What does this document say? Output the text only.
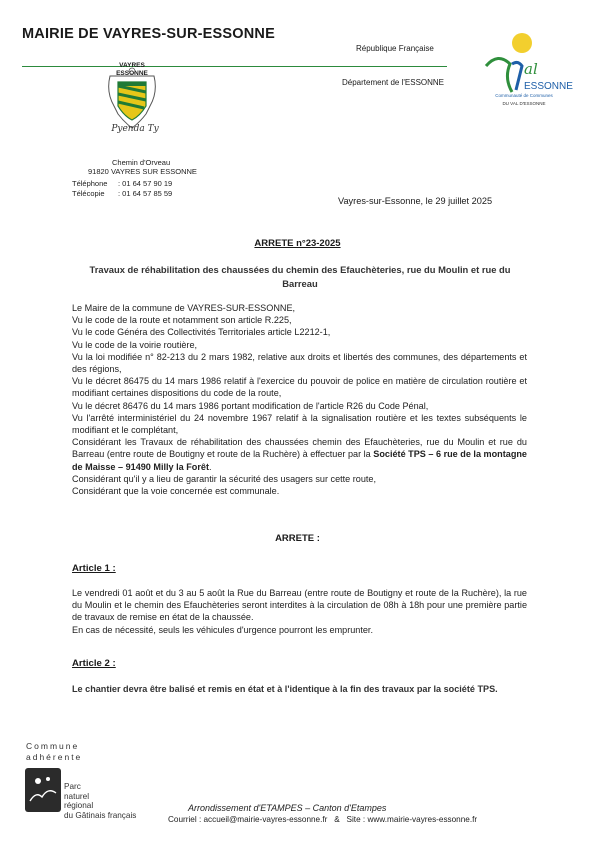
MAIRIE DE VAYRES-SUR-ESSONNE
VAYRES
ESSONNE
Pyenda Ty
Chemin d'Orveau
91820 VAYRES SUR ESSONNE
Téléphone : 01 64 57 90 19
Télécopie : 01 64 57 85 59
République Française
Département de l'ESSONNE
al
ESSONNE
Communauté de Communes
DU VAL D'ESSONNE
Vayres-sur-Essonne, le 29 juillet 2025
ARRETE n°23-2025
Travaux de réhabilitation des chaussées du chemin des Efauchèteries, rue du Moulin et rue du Barreau
Le Maire de la commune de VAYRES-SUR-ESSONNE,
Vu le code de la route et notamment son article R.225,
Vu le code Généra des Collectivités Territoriales article L2212-1,
Vu le code de la voirie routière,
Vu la loi modifiée n° 82-213 du 2 mars 1982, relative aux droits et libertés des communes, des départements et des régions,
Vu le décret 86475 du 14 mars 1986 relatif à l'exercice du pouvoir de police en matière de circulation routière et modifiant certaines dispositions du code de la route,
Vu le décret 86476 du 14 mars 1986 portant modification de l'article R26 du Code Pénal,
Vu l'arrêté interministériel du 24 novembre 1967 relatif à la signalisation routière et les textes subséquents le modifiant et le complétant,
Considérant les Travaux de réhabilitation des chaussées chemin des Efauchèteries, rue du Moulin et rue du Barreau (entre route de Boutigny et route de la Ruchère) à effectuer par la Société TPS – 6 rue de la montagne de Maisse – 91490 Milly la Forêt.
Considérant qu'il y a lieu de garantir la sécurité des usagers sur cette route,
Considérant que la voie concernée est communale.
ARRETE :
Article 1 :
Le vendredi 01 août et du 3 au 5 août la Rue du Barreau (entre route de Boutigny et route de la Ruchère), la rue du Moulin et le chemin des Efauchèteries seront interdites à la circulation de 08h à 18h pour une première partie de travaux de remise en état de la chaussée.
En cas de nécessité, seuls les véhicules d'urgence pourront les emprunter.
Article 2 :
Le chantier devra être balisé et remis en état et à l'identique à la fin des travaux par la société TPS.
Commune
adhérente
Parc
naturel
régional
du Gâtinais français
Arrondissement d'ETAMPES – Canton d'Etampes
Courriel : accueil@mairie-vayres-essonne.fr & Site : www.mairie-vayres-essonne.fr
